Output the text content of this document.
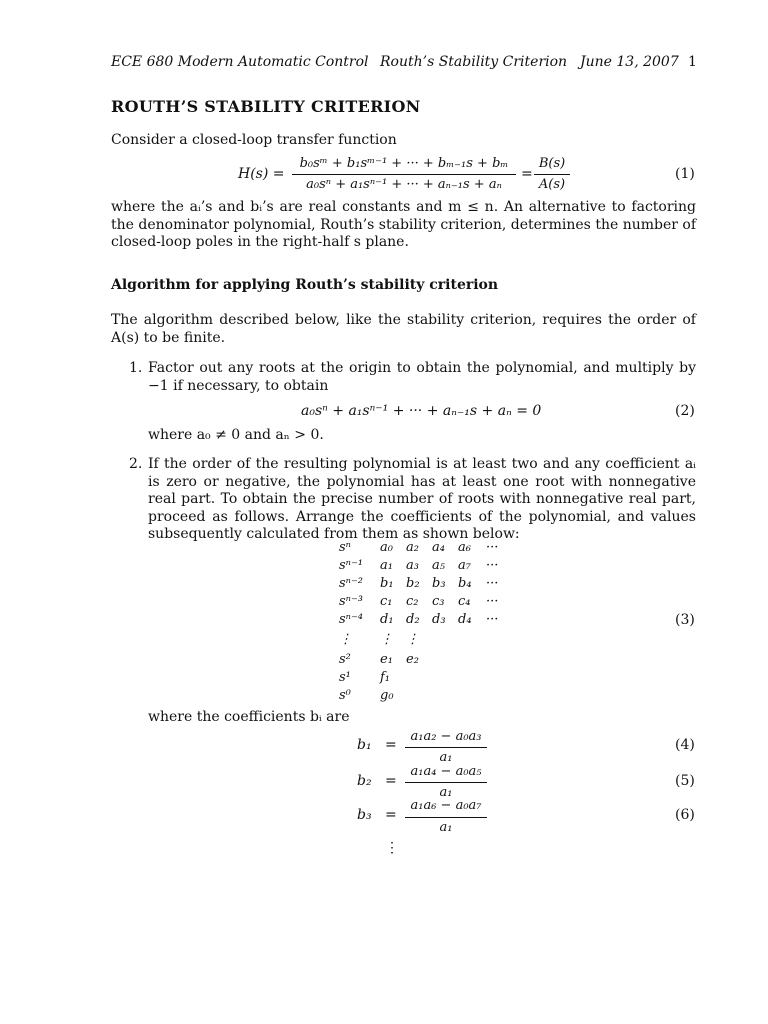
ECE 680 Modern Automatic Control Routh’s Stability Criterion June 13, 2007 1
ROUTH’S STABILITY CRITERION
Consider a closed-loop transfer function
H(s) =
b₀sᵐ + b₁sᵐ⁻¹ + ··· + bₘ₋₁s + bₘ
a₀sⁿ + a₁sⁿ⁻¹ + ··· + aₙ₋₁s + aₙ
=
B(s)
A(s)
(1)
where the aᵢ’s and bᵢ’s are real constants and m ≤ n. An alternative to factoring the denominator polynomial, Routh’s stability criterion, determines the number of closed-loop poles in the right-half s plane.
Algorithm for applying Routh’s stability criterion
The algorithm described below, like the stability criterion, requires the order of A(s) to be finite.
1. Factor out any roots at the origin to obtain the polynomial, and multiply by −1 if necessary, to obtain
a₀sⁿ + a₁sⁿ⁻¹ + ··· + aₙ₋₁s + aₙ = 0	(2)
where a₀ ≠ 0 and aₙ > 0.
2. If the order of the resulting polynomial is at least two and any coefficient aᵢ is zero or negative, the polynomial has at least one root with nonnegative real part. To obtain the precise number of roots with nonnegative real part, proceed as follows. Arrange the coefficients of the polynomial, and values subsequently calculated from them as shown below:
sⁿ a₀ a₂ a₄ a₆ ···
sⁿ⁻¹ a₁ a₃ a₅ a₇ ···
sⁿ⁻² b₁ b₂ b₃ b₄ ···
sⁿ⁻³ c₁ c₂ c₃ c₄ ···
sⁿ⁻⁴ d₁ d₂ d₃ d₄ ···
⋮ ⋮ ⋮
s² e₁ e₂
s¹ f₁
s⁰ g₀
(3)
where the coefficients bᵢ are
b₁ =
a₁a₂ − a₀a₃
a₁
(4)
b₂ =
a₁a₄ − a₀a₅
a₁
(5)
b₃ =
a₁a₆ − a₀a₇
a₁
(6)
⋮
